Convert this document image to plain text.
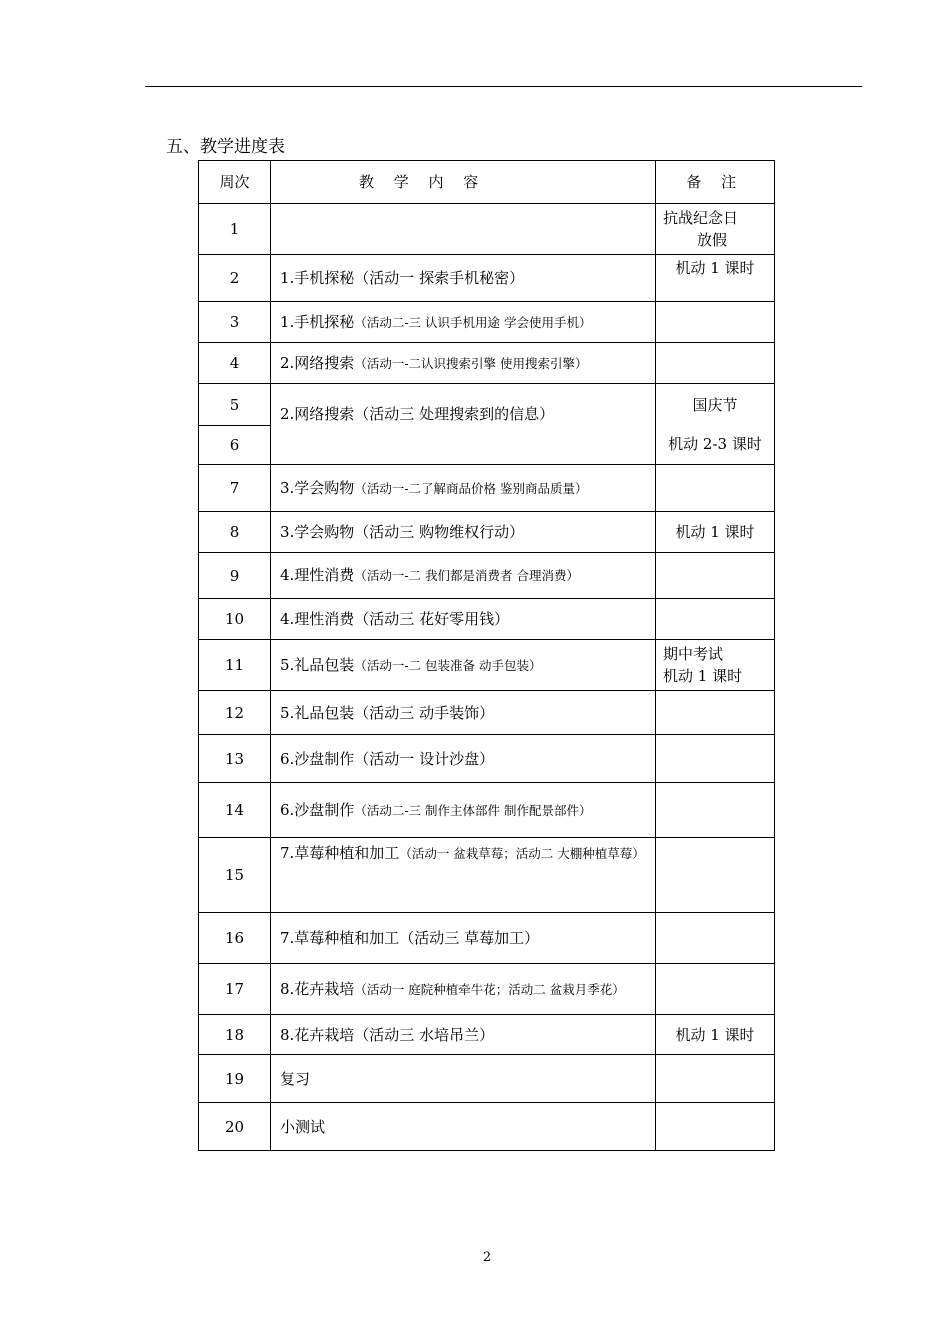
五、教学进度表
周次	教 学 内 容	备 注
1		抗战纪念日
放假

2	1.手机探秘（活动一 探索手机秘密）	机动 1 课时
3	1.手机探秘（活动二-三 认识手机用途 学会使用手机）	
4	2.网络搜索（活动一-二认识搜索引擎 使用搜索引擎）	
5	2.网络搜索（活动三 处理搜索到的信息）	国庆节
机动 2-3 课时

6		
7	3.学会购物（活动一-二了解商品价格 鉴别商品质量）	
8	3.学会购物（活动三 购物维权行动）	机动 1 课时
9	4.理性消费（活动一-二 我们都是消费者 合理消费）	
10	4.理性消费（活动三 花好零用钱）	
11	5.礼品包装（活动一-二 包装准备 动手包装）	期中考试
机动 1 课时

12	5.礼品包装（活动三 动手装饰）	
13	6.沙盘制作（活动一 设计沙盘）	
14	6.沙盘制作（活动二-三 制作主体部件 制作配景部件）	
15	7.草莓种植和加工（活动一 盆栽草莓；活动二 大棚种植草莓）	
16	7.草莓种植和加工（活动三 草莓加工）	
17	8.花卉栽培（活动一 庭院种植牵牛花；活动二 盆栽月季花）	
18	8.花卉栽培（活动三 水培吊兰）	机动 1 课时
19	复习	
20	小测试	
2
